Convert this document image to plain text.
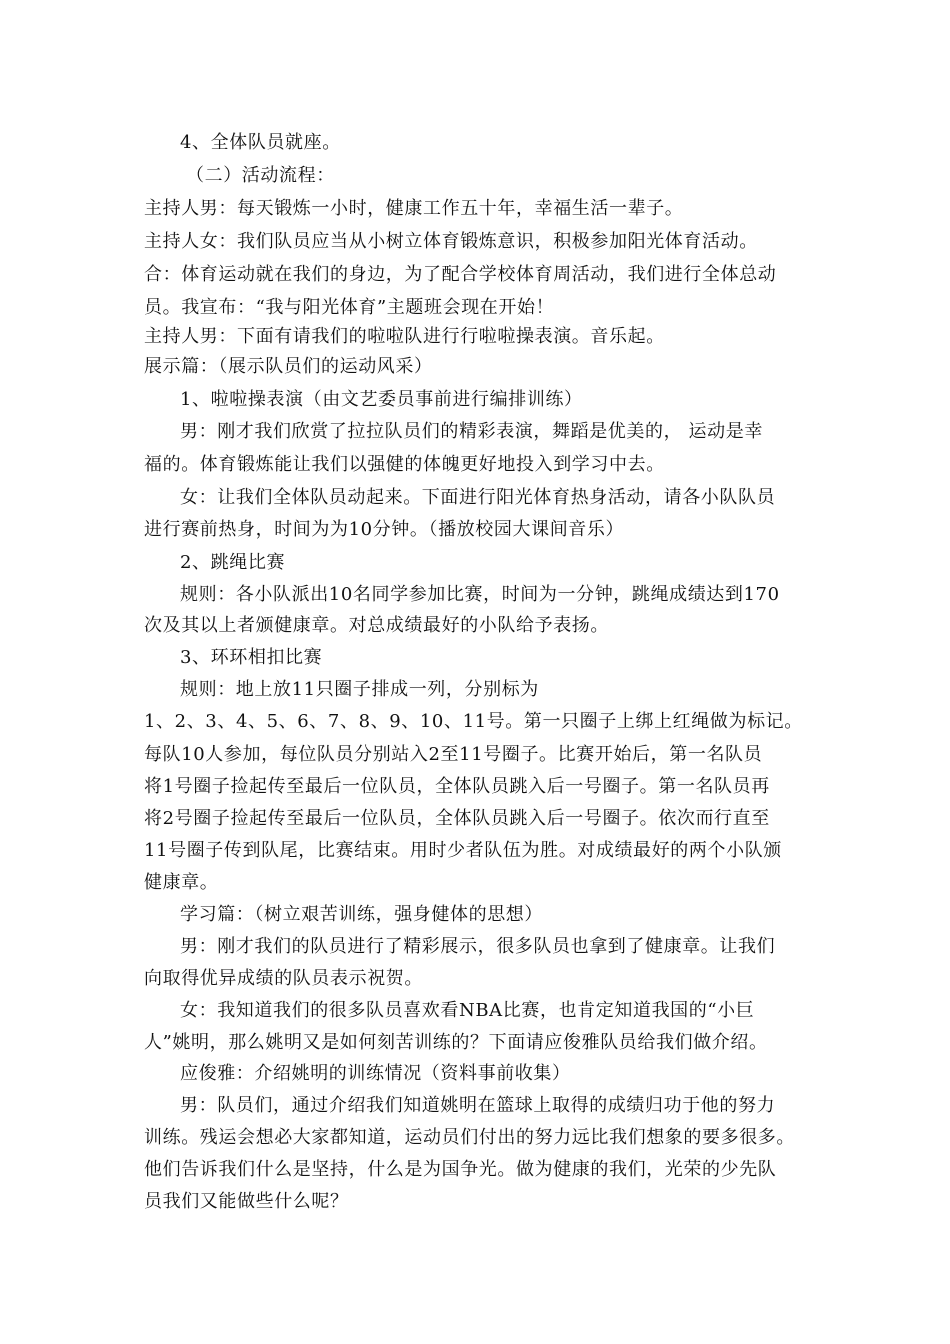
4、全体队员就座。
（二）活动流程：
主持人男：每天锻炼一小时，健康工作五十年，幸福生活一辈子。
主持人女：我们队员应当从小树立体育锻炼意识，积极参加阳光体育活动。
合：体育运动就在我们的身边，为了配合学校体育周活动，我们进行全体总动
员。我宣布：“我与阳光体育”主题班会现在开始！
主持人男：下面有请我们的啦啦队进行行啦啦操表演。音乐起。
展示篇：（展示队员们的运动风采）
1、啦啦操表演（由文艺委员事前进行编排训练）
男：刚才我们欣赏了拉拉队员们的精彩表演，舞蹈是优美的， 运动是幸
福的。体育锻炼能让我们以强健的体魄更好地投入到学习中去。
女：让我们全体队员动起来。下面进行阳光体育热身活动，请各小队队员
进行赛前热身，时间为为10分钟。（播放校园大课间音乐）
2、跳绳比赛
规则：各小队派出10名同学参加比赛，时间为一分钟，跳绳成绩达到170
次及其以上者颁健康章。对总成绩最好的小队给予表扬。
3、环环相扣比赛
规则：地上放11只圈子排成一列，分别标为
1、2、3、4、5、6、7、8、9、10、11号。第一只圈子上绑上红绳做为标记。
每队10人参加，每位队员分别站入2至11号圈子。比赛开始后，第一名队员
将1号圈子捡起传至最后一位队员，全体队员跳入后一号圈子。第一名队员再
将2号圈子捡起传至最后一位队员，全体队员跳入后一号圈子。依次而行直至
11号圈子传到队尾，比赛结束。用时少者队伍为胜。对成绩最好的两个小队颁
健康章。
学习篇：（树立艰苦训练，强身健体的思想）
男：刚才我们的队员进行了精彩展示，很多队员也拿到了健康章。让我们
向取得优异成绩的队员表示祝贺。
女：我知道我们的很多队员喜欢看NBA比赛，也肯定知道我国的“小巨
人”姚明，那么姚明又是如何刻苦训练的？下面请应俊雅队员给我们做介绍。
应俊雅：介绍姚明的训练情况（资料事前收集）
男：队员们，通过介绍我们知道姚明在篮球上取得的成绩归功于他的努力
训练。残运会想必大家都知道，运动员们付出的努力远比我们想象的要多很多。
他们告诉我们什么是坚持，什么是为国争光。做为健康的我们，光荣的少先队
员我们又能做些什么呢？
